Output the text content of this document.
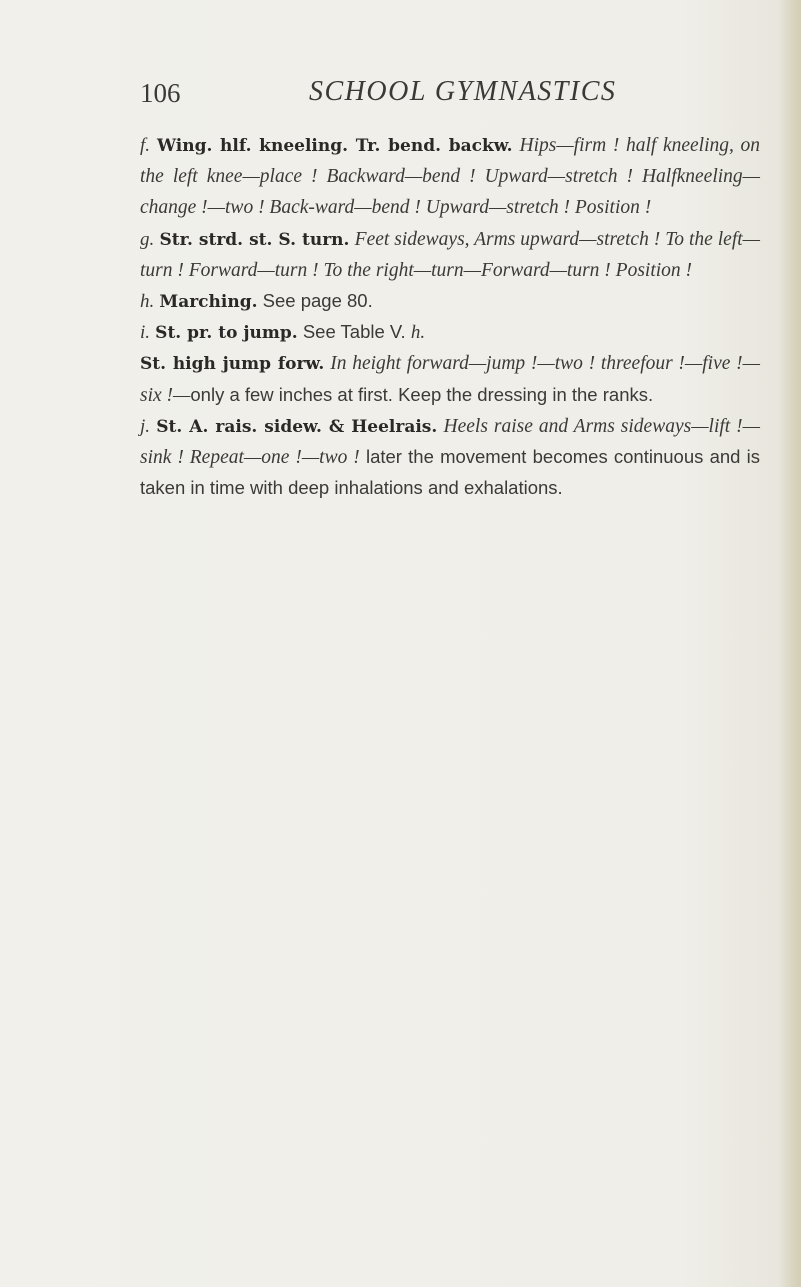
106	SCHOOL GYMNASTICS

f. Wing. hlf. kneeling. Tr. bend. backw. Hips—firm ! half kneeling, on the left knee—place ! Backward—bend ! Upward—stretch ! Halfkneeling—change !—two ! Back-ward—bend ! Upward—stretch ! Position !

g. Str. strd. st. S. turn. Feet sideways, Arms upward—stretch ! To the left—turn ! Forward—turn ! To the right—turn—Forward—turn ! Position !

h. Marching. See page 80.

i. St. pr. to jump. See Table V. h.

St. high jump forw. In height forward—jump !—two ! threefour !—five !—six !—only a few inches at first. Keep the dressing in the ranks.

j. St. A. rais. sidew. & Heelrais. Heels raise and Arms sideways—lift !—sink ! Repeat—one !—two ! later the movement becomes continuous and is taken in time with deep inhalations and exhalations.
